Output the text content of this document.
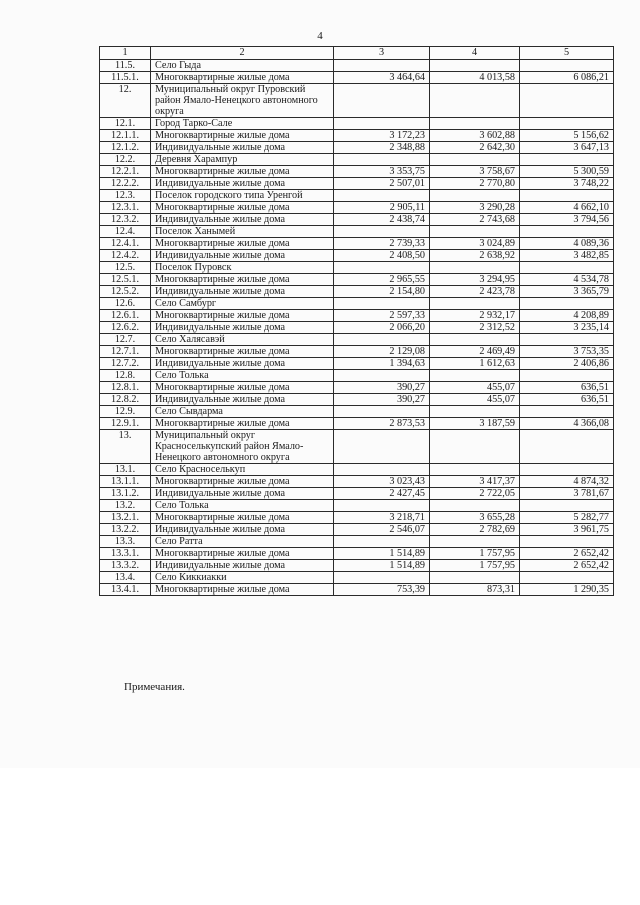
4
1	2	3	4	5
11.5.	Село Гыда			
11.5.1.	Многоквартирные жилые дома	3 464,64	4 013,58	6 086,21
12.	Муниципальный округ Пуровский район Ямало-Ненецкого автономного округа			
12.1.	Город Тарко-Сале			
12.1.1.	Многоквартирные жилые дома	3 172,23	3 602,88	5 156,62
12.1.2.	Индивидуальные жилые дома	2 348,88	2 642,30	3 647,13
12.2.	Деревня Харампур			
12.2.1.	Многоквартирные жилые дома	3 353,75	3 758,67	5 300,59
12.2.2.	Индивидуальные жилые дома	2 507,01	2 770,80	3 748,22
12.3.	Поселок городского типа Уренгой			
12.3.1.	Многоквартирные жилые дома	2 905,11	3 290,28	4 662,10
12.3.2.	Индивидуальные жилые дома	2 438,74	2 743,68	3 794,56
12.4.	Поселок Ханымей			
12.4.1.	Многоквартирные жилые дома	2 739,33	3 024,89	4 089,36
12.4.2.	Индивидуальные жилые дома	2 408,50	2 638,92	3 482,85
12.5.	Поселок Пуровск			
12.5.1.	Многоквартирные жилые дома	2 965,55	3 294,95	4 534,78
12.5.2.	Индивидуальные жилые дома	2 154,80	2 423,78	3 365,79
12.6.	Село Самбург			
12.6.1.	Многоквартирные жилые дома	2 597,33	2 932,17	4 208,89
12.6.2.	Индивидуальные жилые дома	2 066,20	2 312,52	3 235,14
12.7.	Село Халясавэй			
12.7.1.	Многоквартирные жилые дома	2 129,08	2 469,49	3 753,35
12.7.2.	Индивидуальные жилые дома	1 394,63	1 612,63	2 406,86
12.8.	Село Толька			
12.8.1.	Многоквартирные жилые дома	390,27	455,07	636,51
12.8.2.	Индивидуальные жилые дома	390,27	455,07	636,51
12.9.	Село Сывдарма			
12.9.1.	Многоквартирные жилые дома	2 873,53	3 187,59	4 366,08
13.	Муниципальный округ Красноселькупский район Ямало-Ненецкого автономного округа			
13.1.	Село Красноселькуп			
13.1.1.	Многоквартирные жилые дома	3 023,43	3 417,37	4 874,32
13.1.2.	Индивидуальные жилые дома	2 427,45	2 722,05	3 781,67
13.2.	Село Толька			
13.2.1.	Многоквартирные жилые дома	3 218,71	3 655,28	5 282,77
13.2.2.	Индивидуальные жилые дома	2 546,07	2 782,69	3 961,75
13.3.	Село Ратта			
13.3.1.	Многоквартирные жилые дома	1 514,89	1 757,95	2 652,42
13.3.2.	Индивидуальные жилые дома	1 514,89	1 757,95	2 652,42
13.4.	Село Киккиакки			
13.4.1.	Многоквартирные жилые дома	753,39	873,31	1 290,35
Примечания.
